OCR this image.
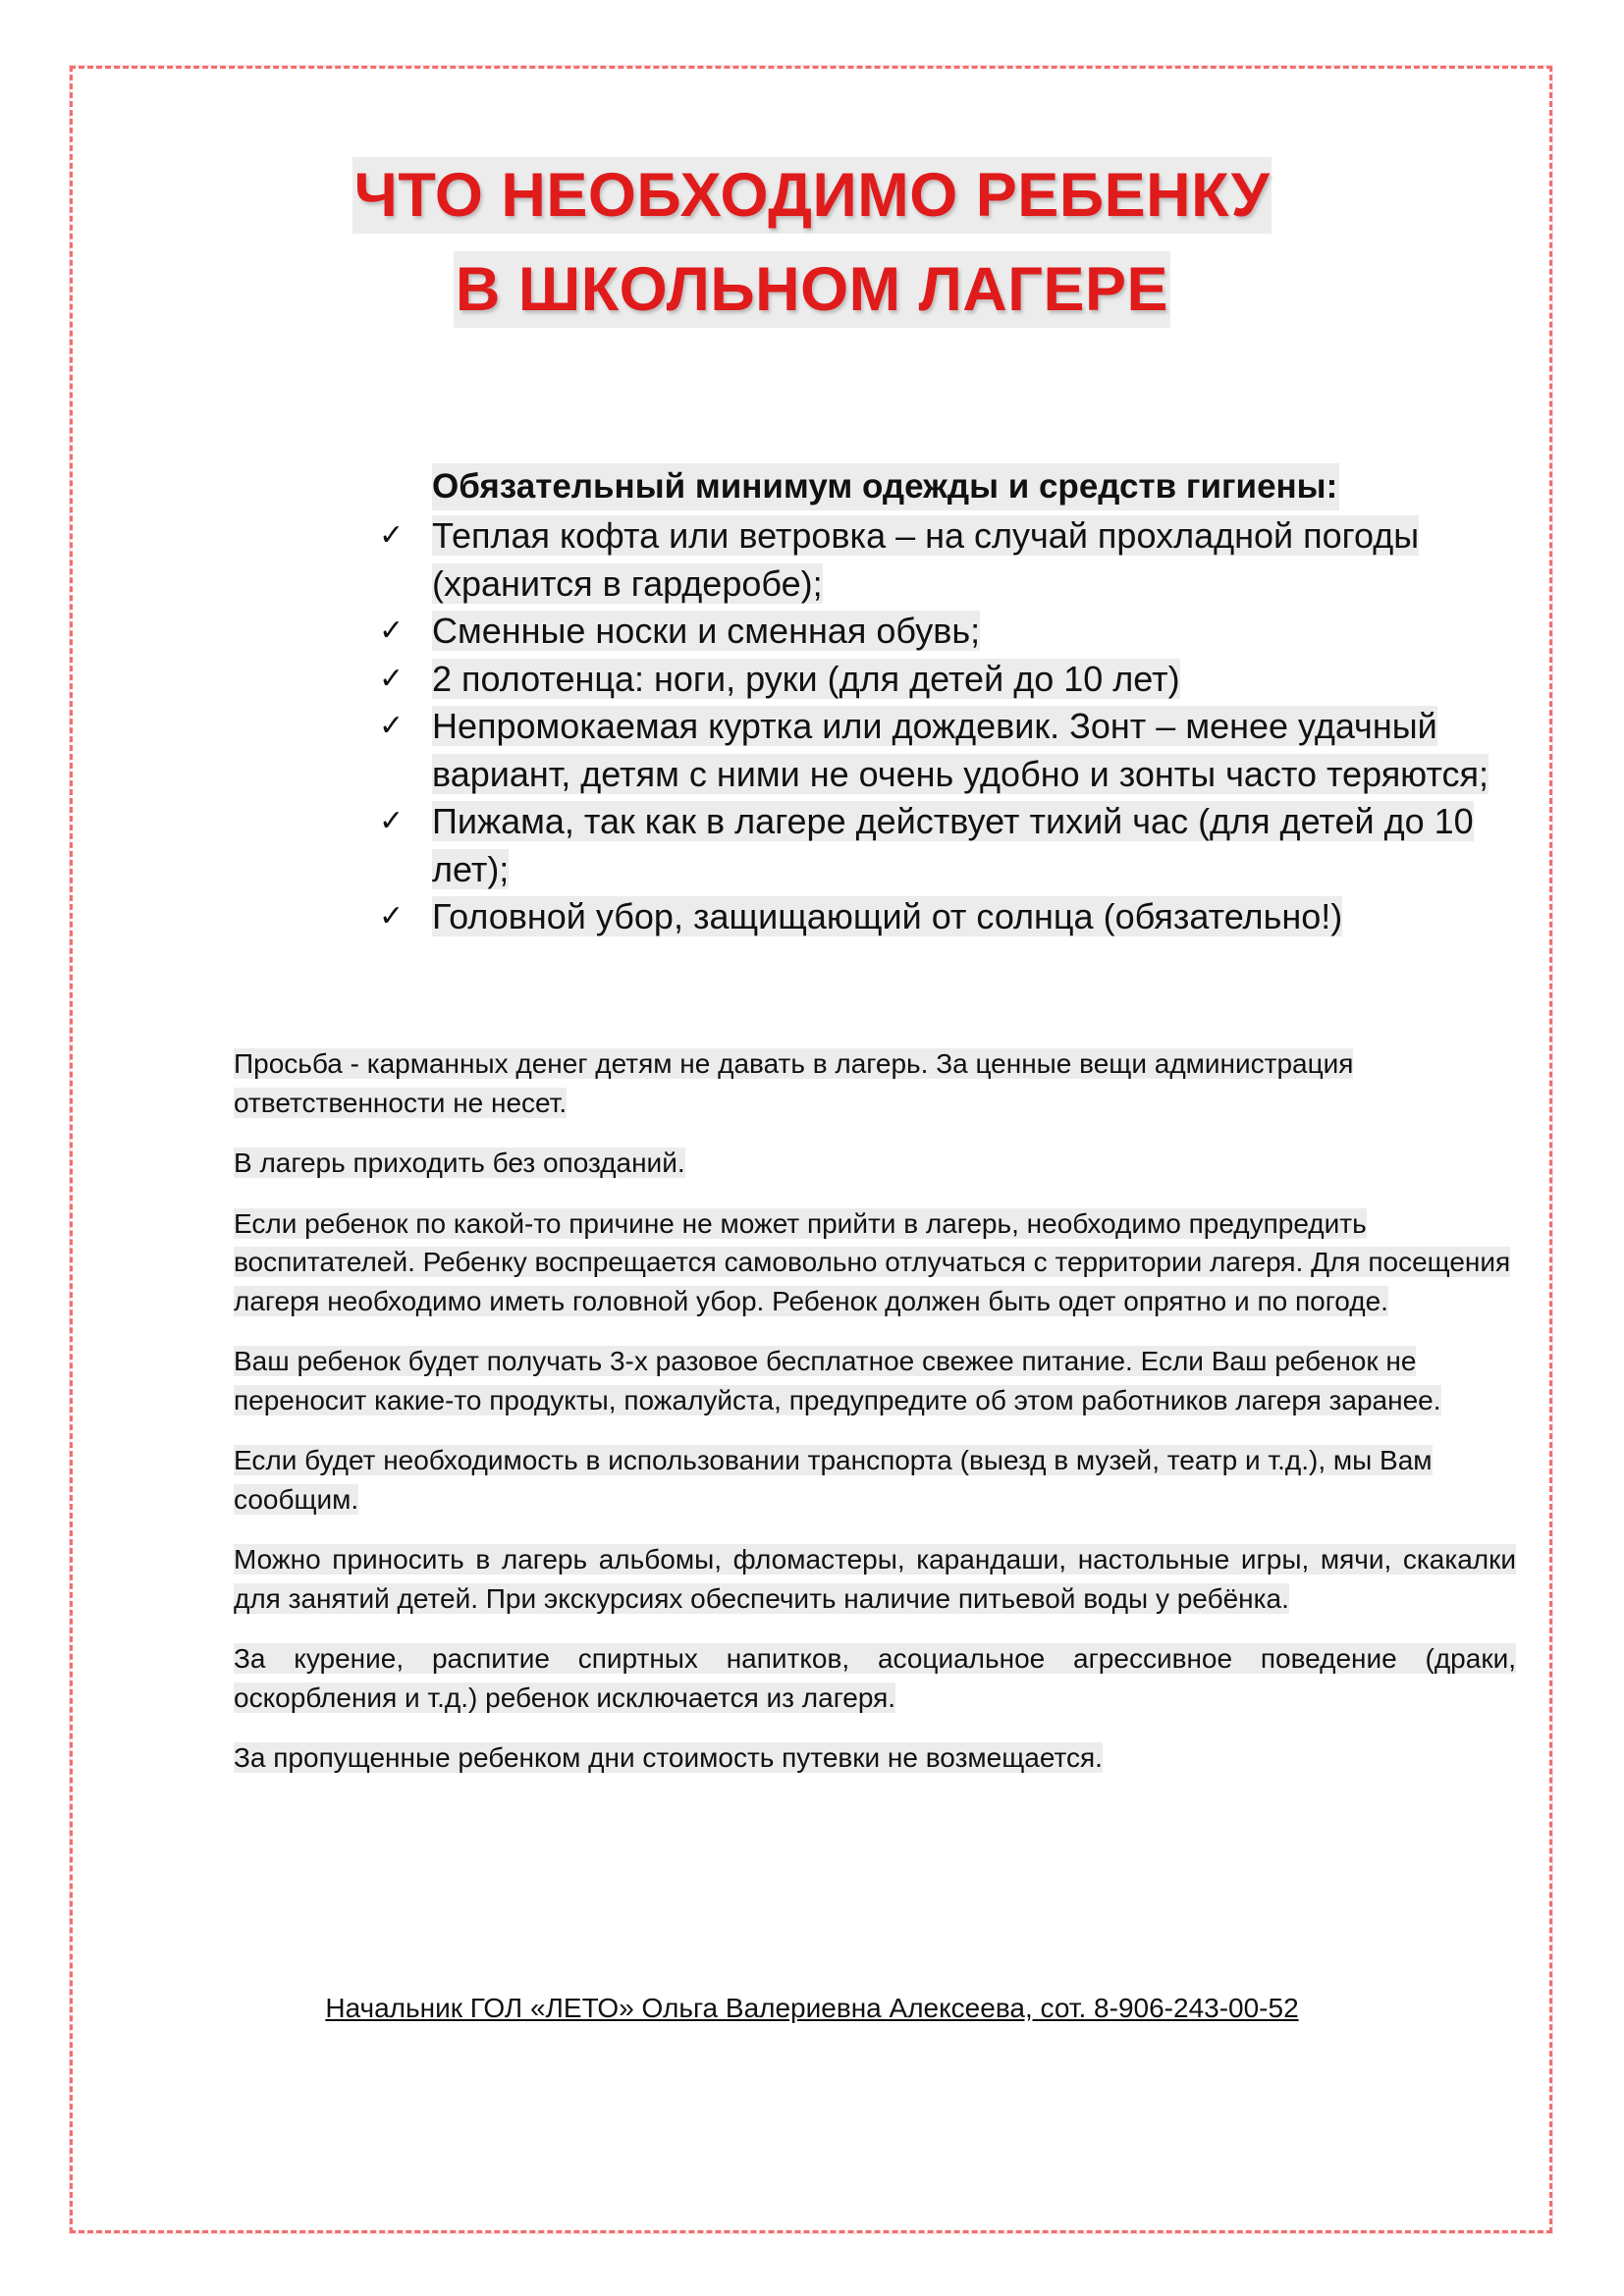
ЧТО НЕОБХОДИМО РЕБЕНКУ
В ШКОЛЬНОМ ЛАГЕРЕ
Обязательный минимум одежды и средств гигиены:
✓ Теплая кофта или ветровка – на случай прохладной погоды (хранится в гардеробе);
✓ Сменные носки и сменная обувь;
✓ 2 полотенца: ноги, руки (для детей до 10 лет)
✓ Непромокаемая куртка или дождевик. Зонт – менее удачный вариант, детям с ними не очень удобно и зонты часто теряются;
✓ Пижама, так как в лагере действует тихий час (для детей до 10 лет);
✓ Головной убор, защищающий от солнца (обязательно!)

Просьба - карманных денег детям не давать в лагерь. За ценные вещи администрация ответственности не несет.

В лагерь приходить без опозданий.

Если ребенок по какой-то причине не может прийти в лагерь, необходимо предупредить воспитателей. Ребенку воспрещается самовольно отлучаться с территории лагеря. Для посещения лагеря необходимо иметь головной убор. Ребенок должен быть одет опрятно и по погоде.

Ваш ребенок будет получать 3-х разовое бесплатное свежее питание. Если Ваш ребенок не переносит какие-то продукты, пожалуйста, предупредите об этом работников лагеря заранее.

Если будет необходимость в использовании транспорта (выезд в музей, театр и т.д.), мы Вам сообщим.

Можно приносить в лагерь альбомы, фломастеры, карандаши, настольные игры, мячи, скакалки для занятий детей. При экскурсиях обеспечить наличие питьевой воды у ребёнка.

За курение, распитие спиртных напитков, асоциальное агрессивное поведение (драки, оскорбления и т.д.) ребенок исключается из лагеря.

За пропущенные ребенком дни стоимость путевки не возмещается.

Начальник ГОЛ «ЛЕТО» Ольга Валериевна Алексеева, сот. 8-906-243-00-52
